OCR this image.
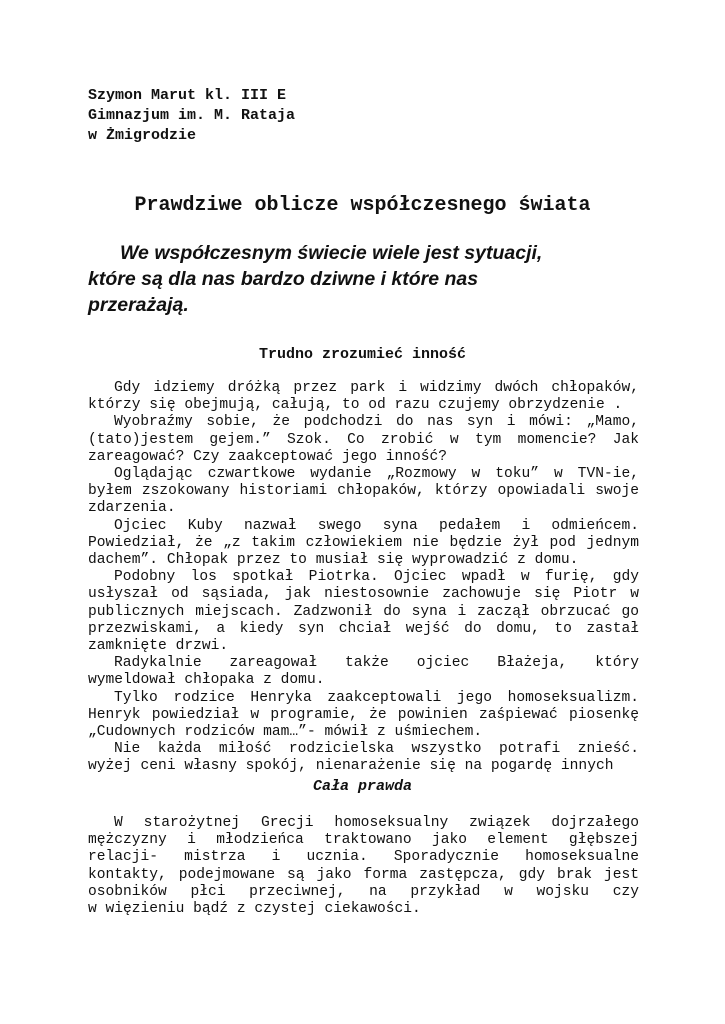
Szymon Marut kl. III E
Gimnazjum im. M. Rataja
w Żmigrodzie
Prawdziwe oblicze współczesnego świata
We współczesnym świecie wiele jest sytuacji,
które są dla nas bardzo dziwne i które nas
przerażają.
Trudno zrozumieć inność
Gdy idziemy dróżką przez park i widzimy dwóch chłopaków,
którzy się obejmują, całują, to od razu czujemy obrzydzenie .
Wyobraźmy sobie, że podchodzi do nas syn i mówi: „Mamo,
(tato)jestem gejem.” Szok. Co zrobić w tym momencie? Jak
zareagować? Czy zaakceptować jego inność?
Oglądając czwartkowe wydanie „Rozmowy w toku” w TVN-ie,
byłem zszokowany historiami chłopaków, którzy opowiadali swoje
zdarzenia.
Ojciec Kuby nazwał swego syna pedałem i odmieńcem.
Powiedział, że „z takim człowiekiem nie będzie żył pod jednym
dachem”. Chłopak przez to musiał się wyprowadzić z domu.
Podobny los spotkał Piotrka. Ojciec wpadł w furię, gdy
usłyszał od sąsiada, jak niestosownie zachowuje się Piotr w
publicznych miejscach. Zadzwonił do syna i zaczął obrzucać go
przezwiskami, a kiedy syn chciał wejść do domu, to zastał
zamknięte drzwi.
Radykalnie zareagował także ojciec Błażeja, który
wymeldował chłopaka z domu.
Tylko rodzice Henryka zaakceptowali jego homoseksualizm.
Henryk powiedział w programie, że powinien zaśpiewać piosenkę
„Cudownych rodziców mam…”- mówił z uśmiechem.
Nie każda miłość rodzicielska wszystko potrafi znieść.
wyżej ceni własny spokój, nienarażenie się na pogardę innych
Cała prawda
W starożytnej Grecji homoseksualny związek dojrzałego
mężczyzny i młodzieńca traktowano jako element głębszej
relacji- mistrza i ucznia. Sporadycznie homoseksualne
kontakty, podejmowane są jako forma zastępcza, gdy brak jest
osobników płci przeciwnej, na przykład w wojsku czy
w więzieniu bądź z czystej ciekawości.
